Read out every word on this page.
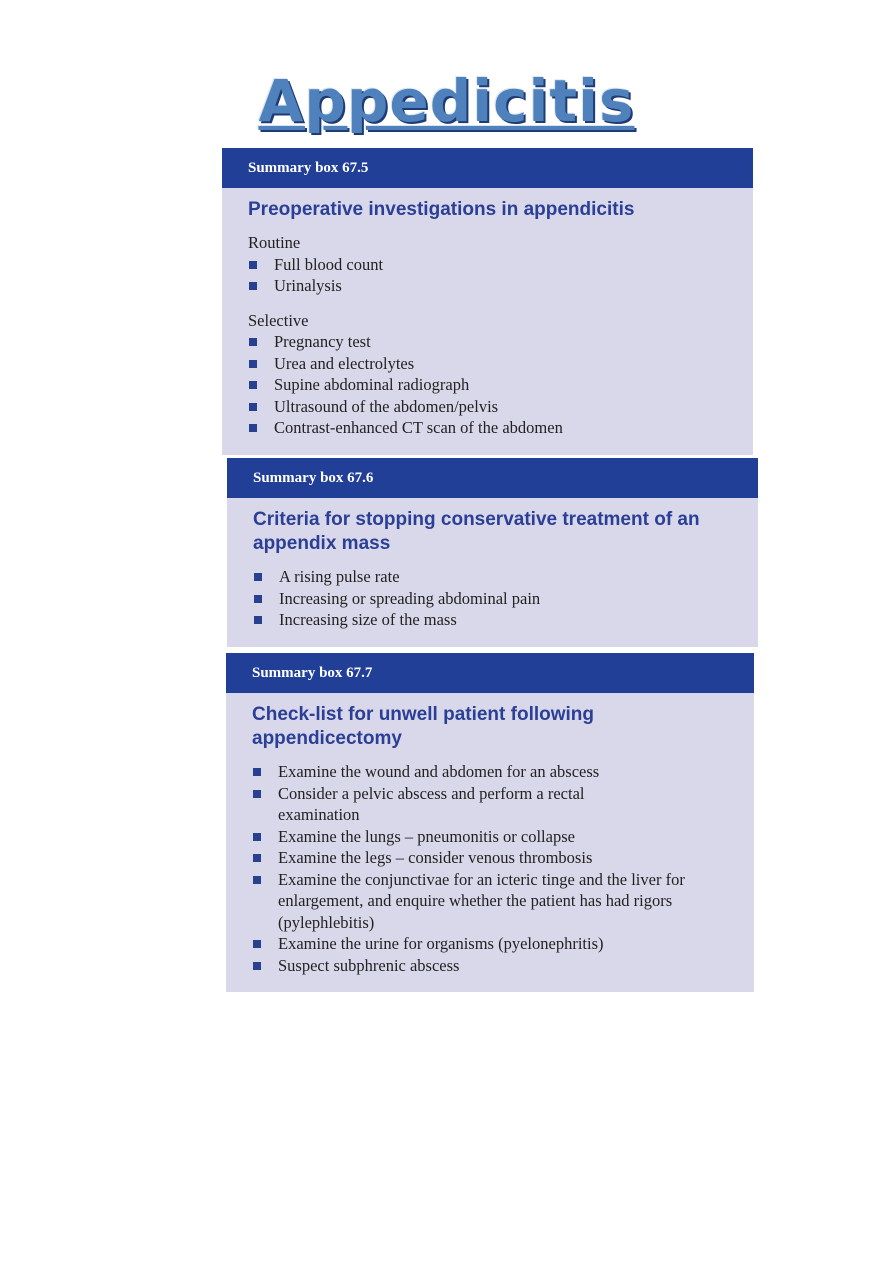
Appedicitis
Summary box 67.5
Preoperative investigations in appendicitis
Routine
Full blood count
Urinalysis
Selective
Pregnancy test
Urea and electrolytes
Supine abdominal radiograph
Ultrasound of the abdomen/pelvis
Contrast-enhanced CT scan of the abdomen
Summary box 67.6
Criteria for stopping conservative treatment of an appendix mass
A rising pulse rate
Increasing or spreading abdominal pain
Increasing size of the mass
Summary box 67.7
Check-list for unwell patient following appendicectomy
Examine the wound and abdomen for an abscess
Consider a pelvic abscess and perform a rectal examination
Examine the lungs – pneumonitis or collapse
Examine the legs – consider venous thrombosis
Examine the conjunctivae for an icteric tinge and the liver for enlargement, and enquire whether the patient has had rigors (pylephlebitis)
Examine the urine for organisms (pyelonephritis)
Suspect subphrenic abscess
